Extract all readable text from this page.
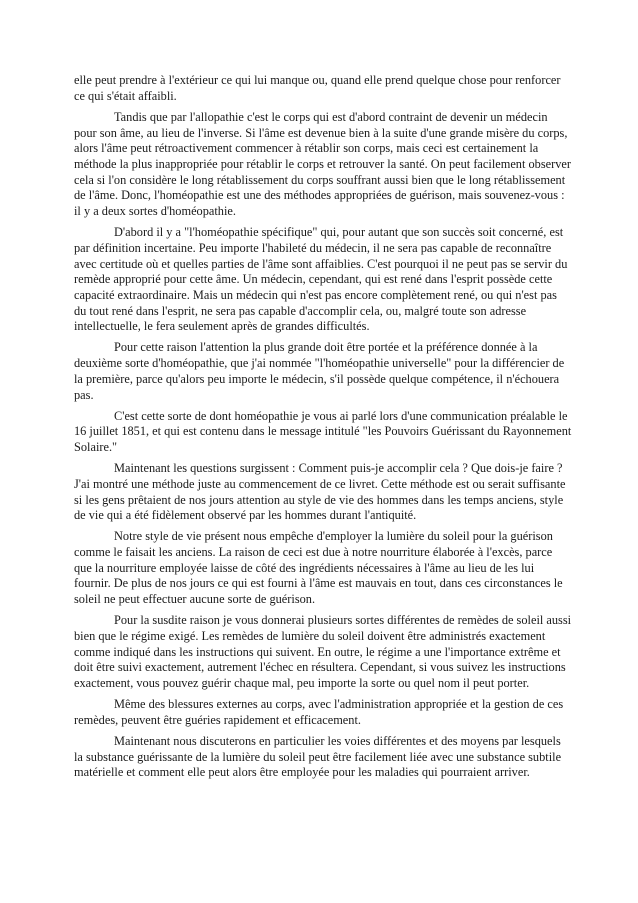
elle peut prendre à l'extérieur ce qui lui manque ou, quand elle prend quelque chose pour renforcer ce qui s'était affaibli.

Tandis que par l'allopathie c'est le corps qui est d'abord contraint de devenir un médecin pour son âme, au lieu de l'inverse. Si l'âme est devenue bien à la suite d'une grande misère du corps, alors l'âme peut rétroactivement commencer à rétablir son corps, mais ceci est certainement la méthode la plus inappropriée pour rétablir le corps et retrouver la santé. On peut facilement observer cela si l'on considère le long rétablissement du corps souffrant aussi bien que le long rétablissement de l'âme. Donc, l'homéopathie est une des méthodes appropriées de guérison, mais souvenez-vous : il y a deux sortes d'homéopathie.

D'abord il y a "l'homéopathie spécifique" qui, pour autant que son succès soit concerné, est par définition incertaine. Peu importe l'habileté du médecin, il ne sera pas capable de reconnaître avec certitude où et quelles parties de l'âme sont affaiblies. C'est pourquoi il ne peut pas se servir du remède approprié pour cette âme. Un médecin, cependant, qui est rené dans l'esprit possède cette capacité extraordinaire. Mais un médecin qui n'est pas encore complètement rené, ou qui n'est pas du tout rené dans l'esprit, ne sera pas capable d'accomplir cela, ou, malgré toute son adresse intellectuelle, le fera seulement après de grandes difficultés.

Pour cette raison l'attention la plus grande doit être portée et la préférence donnée à la deuxième sorte d'homéopathie, que j'ai nommée "l'homéopathie universelle" pour la différencier de la première, parce qu'alors peu importe le médecin, s'il possède quelque compétence, il n'échouera pas.

C'est cette sorte de dont homéopathie je vous ai parlé lors d'une communication préalable le 16 juillet 1851, et qui est contenu dans le message intitulé "les Pouvoirs Guérissant du Rayonnement Solaire."

Maintenant les questions surgissent : Comment puis-je accomplir cela ? Que dois-je faire ? J'ai montré une méthode juste au commencement de ce livret. Cette méthode est ou serait suffisante si les gens prêtaient de nos jours attention au style de vie des hommes dans les temps anciens, style de vie qui a été fidèlement observé par les hommes durant l'antiquité.

Notre style de vie présent nous empêche d'employer la lumière du soleil pour la guérison comme le faisait les anciens. La raison de ceci est due à notre nourriture élaborée à l'excès, parce que la nourriture employée laisse de côté des ingrédients nécessaires à l'âme au lieu de les lui fournir. De plus de nos jours ce qui est fourni à l'âme est mauvais en tout, dans ces circonstances le soleil ne peut effectuer aucune sorte de guérison.

Pour la susdite raison je vous donnerai plusieurs sortes différentes de remèdes de soleil aussi bien que le régime exigé. Les remèdes de lumière du soleil doivent être administrés exactement comme indiqué dans les instructions qui suivent. En outre, le régime a une l'importance extrême et doit être suivi exactement, autrement l'échec en résultera. Cependant, si vous suivez les instructions exactement, vous pouvez guérir chaque mal, peu importe la sorte ou quel nom il peut porter.

Même des blessures externes au corps, avec l'administration appropriée et la gestion de ces remèdes, peuvent être guéries rapidement et efficacement.

Maintenant nous discuterons en particulier les voies différentes et des moyens par lesquels la substance guérissante de la lumière du soleil peut être facilement liée avec une substance subtile matérielle et comment elle peut alors être employée pour les maladies qui pourraient arriver.
